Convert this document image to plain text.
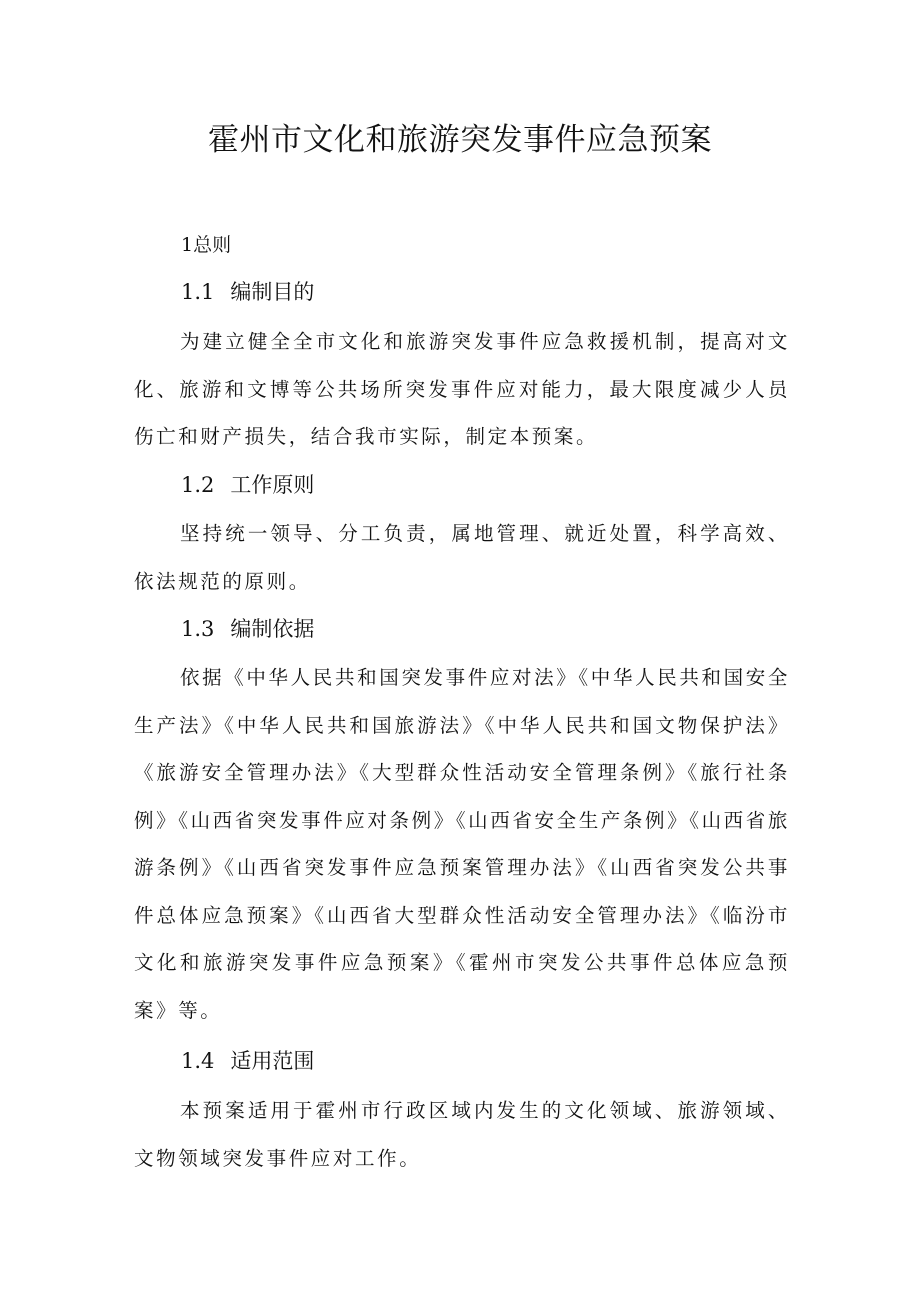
霍州市文化和旅游突发事件应急预案
1总则
1.1 编制目的

为建立健全全市文化和旅游突发事件应急救援机制，提高对文化、旅游和文博等公共场所突发事件应对能力，最大限度减少人员伤亡和财产损失，结合我市实际，制定本预案。

1.2 工作原则

坚持统一领导、分工负责，属地管理、就近处置，科学高效、依法规范的原则。

1.3 编制依据

依据《中华人民共和国突发事件应对法》《中华人民共和国安全生产法》《中华人民共和国旅游法》《中华人民共和国文物保护法》《旅游安全管理办法》《大型群众性活动安全管理条例》《旅行社条例》《山西省突发事件应对条例》《山西省安全生产条例》《山西省旅游条例》《山西省突发事件应急预案管理办法》《山西省突发公共事件总体应急预案》《山西省大型群众性活动安全管理办法》《临汾市文化和旅游突发事件应急预案》《霍州市突发公共事件总体应急预案》等。

1.4 适用范围

本预案适用于霍州市行政区域内发生的文化领域、旅游领域、文物领域突发事件应对工作。
